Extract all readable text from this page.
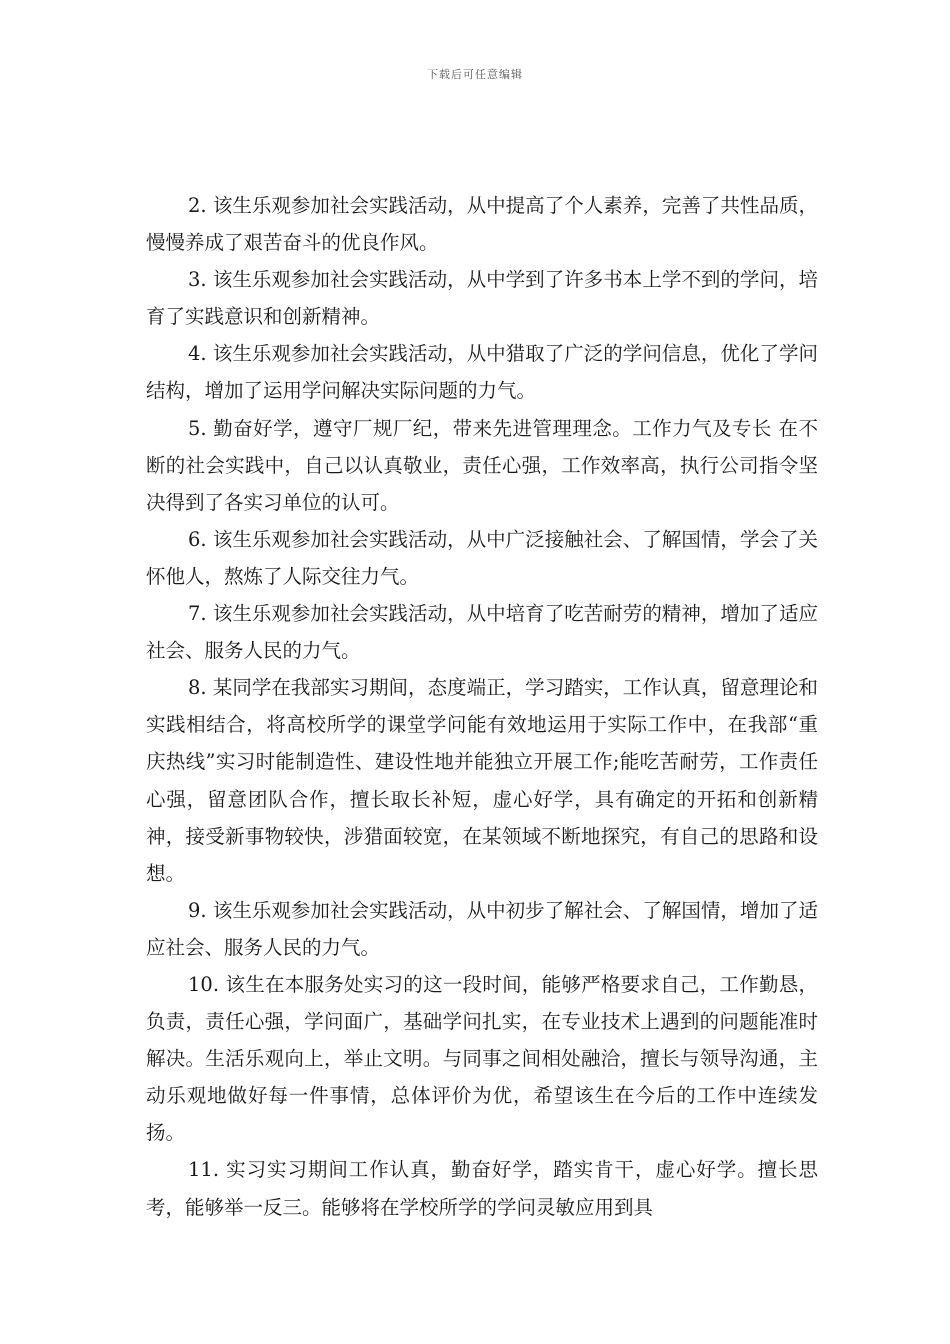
下载后可任意编辑

2. 该生乐观参加社会实践活动，从中提高了个人素养，完善了共性品质，慢慢养成了艰苦奋斗的优良作风。

3. 该生乐观参加社会实践活动，从中学到了许多书本上学不到的学问，培育了实践意识和创新精神。

4. 该生乐观参加社会实践活动，从中猎取了广泛的学问信息，优化了学问结构，增加了运用学问解决实际问题的力气。

5. 勤奋好学，遵守厂规厂纪，带来先进管理理念。工作力气及专长 在不断的社会实践中，自己以认真敬业，责任心强，工作效率高，执行公司指令坚决得到了各实习单位的认可。

6. 该生乐观参加社会实践活动，从中广泛接触社会、了解国情，学会了关怀他人，熬炼了人际交往力气。

7. 该生乐观参加社会实践活动，从中培育了吃苦耐劳的精神，增加了适应社会、服务人民的力气。

8. 某同学在我部实习期间，态度端正，学习踏实，工作认真，留意理论和实践相结合，将高校所学的课堂学问能有效地运用于实际工作中，在我部“重庆热线”实习时能制造性、建设性地并能独立开展工作;能吃苦耐劳，工作责任心强，留意团队合作，擅长取长补短，虚心好学，具有确定的开拓和创新精神，接受新事物较快，涉猎面较宽，在某领域不断地探究，有自己的思路和设想。

9. 该生乐观参加社会实践活动，从中初步了解社会、了解国情，增加了适应社会、服务人民的力气。

10. 该生在本服务处实习的这一段时间，能够严格要求自己，工作勤恳，负责，责任心强，学问面广，基础学问扎实，在专业技术上遇到的问题能准时解决。生活乐观向上，举止文明。与同事之间相处融洽，擅长与领导沟通，主动乐观地做好每一件事情，总体评价为优，希望该生在今后的工作中连续发扬。

11. 实习实习期间工作认真，勤奋好学，踏实肯干，虚心好学。擅长思考，能够举一反三。能够将在学校所学的学问灵敏应用到具
